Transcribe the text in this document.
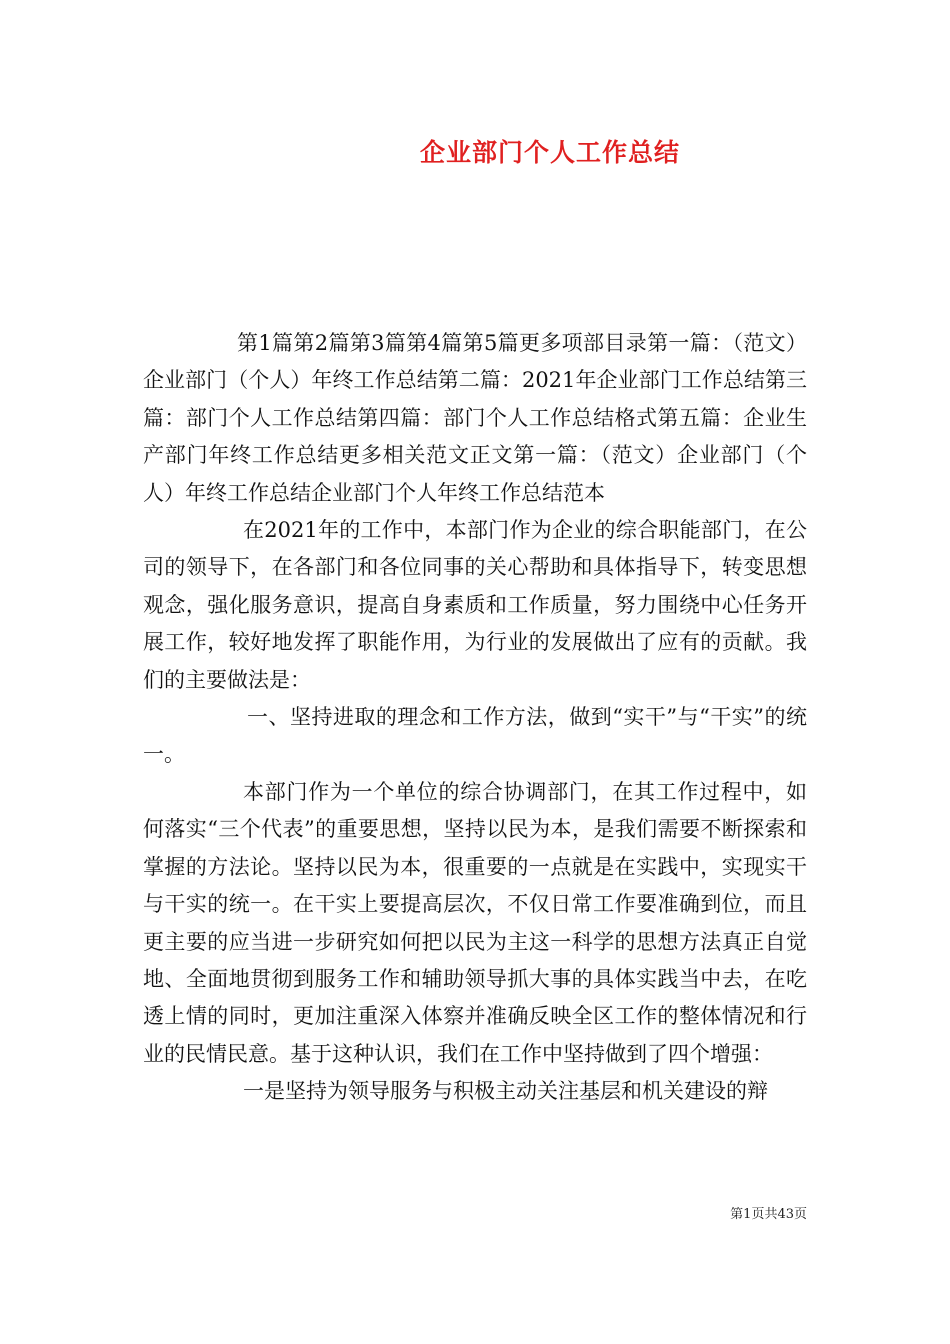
企业部门个人工作总结

第1篇第2篇第3篇第4篇第5篇更多项部目录第一篇：（范文）企业部门（个人）年终工作总结第二篇：2021年企业部门工作总结第三篇：部门个人工作总结第四篇：部门个人工作总结格式第五篇：企业生产部门年终工作总结更多相关范文正文第一篇：（范文）企业部门（个人）年终工作总结企业部门个人年终工作总结范本

在2021年的工作中，本部门作为企业的综合职能部门，在公司的领导下，在各部门和各位同事的关心帮助和具体指导下，转变思想观念，强化服务意识，提高自身素质和工作质量，努力围绕中心任务开展工作，较好地发挥了职能作用，为行业的发展做出了应有的贡献。我们的主要做法是：

一、坚持进取的理念和工作方法，做到“实干”与“干实”的统一。

本部门作为一个单位的综合协调部门，在其工作过程中，如何落实“三个代表”的重要思想，坚持以民为本，是我们需要不断探索和掌握的方法论。坚持以民为本，很重要的一点就是在实践中，实现实干与干实的统一。在干实上要提高层次，不仅日常工作要准确到位，而且更主要的应当进一步研究如何把以民为主这一科学的思想方法真正自觉地、全面地贯彻到服务工作和辅助领导抓大事的具体实践当中去，在吃透上情的同时，更加注重深入体察并准确反映全区工作的整体情况和行业的民情民意。基于这种认识，我们在工作中坚持做到了四个增强：

一是坚持为领导服务与积极主动关注基层和机关建设的辩

第1页共43页
